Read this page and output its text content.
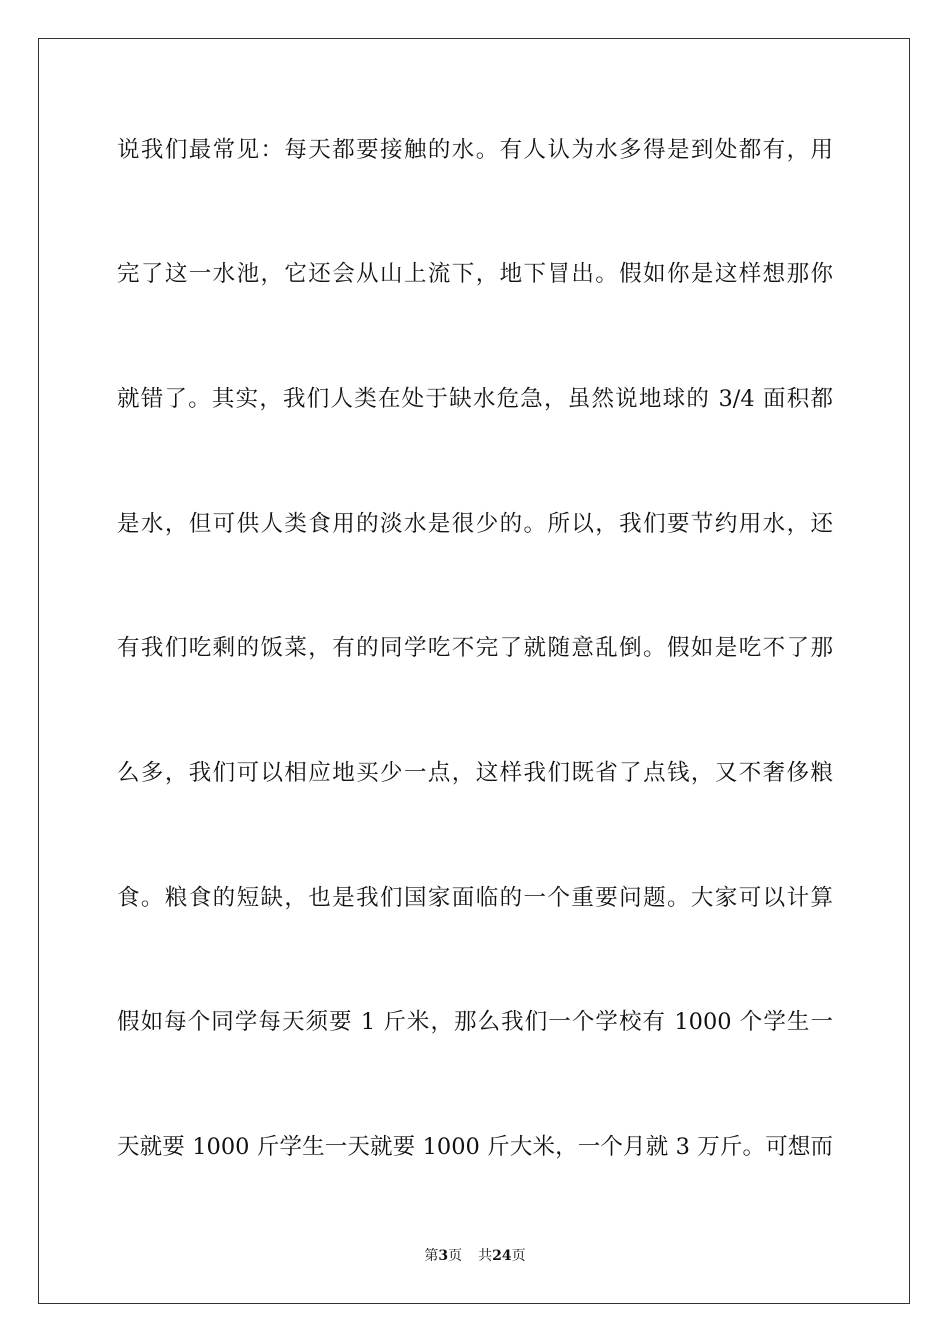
说我们最常见：每天都要接触的水。有人认为水多得是到处都有，用
完了这一水池，它还会从山上流下，地下冒出。假如你是这样想那你
就错了。其实，我们人类在处于缺水危急，虽然说地球的 3/4 面积都
是水，但可供人类食用的淡水是很少的。所以，我们要节约用水，还
有我们吃剩的饭菜，有的同学吃不完了就随意乱倒。假如是吃不了那
么多，我们可以相应地买少一点，这样我们既省了点钱，又不奢侈粮
食。粮食的短缺，也是我们国家面临的一个重要问题。大家可以计算
假如每个同学每天须要 1 斤米，那么我们一个学校有 1000 个学生一
天就要 1000 斤学生一天就要 1000 斤大米，一个月就 3 万斤。可想而
第3页 共24页
